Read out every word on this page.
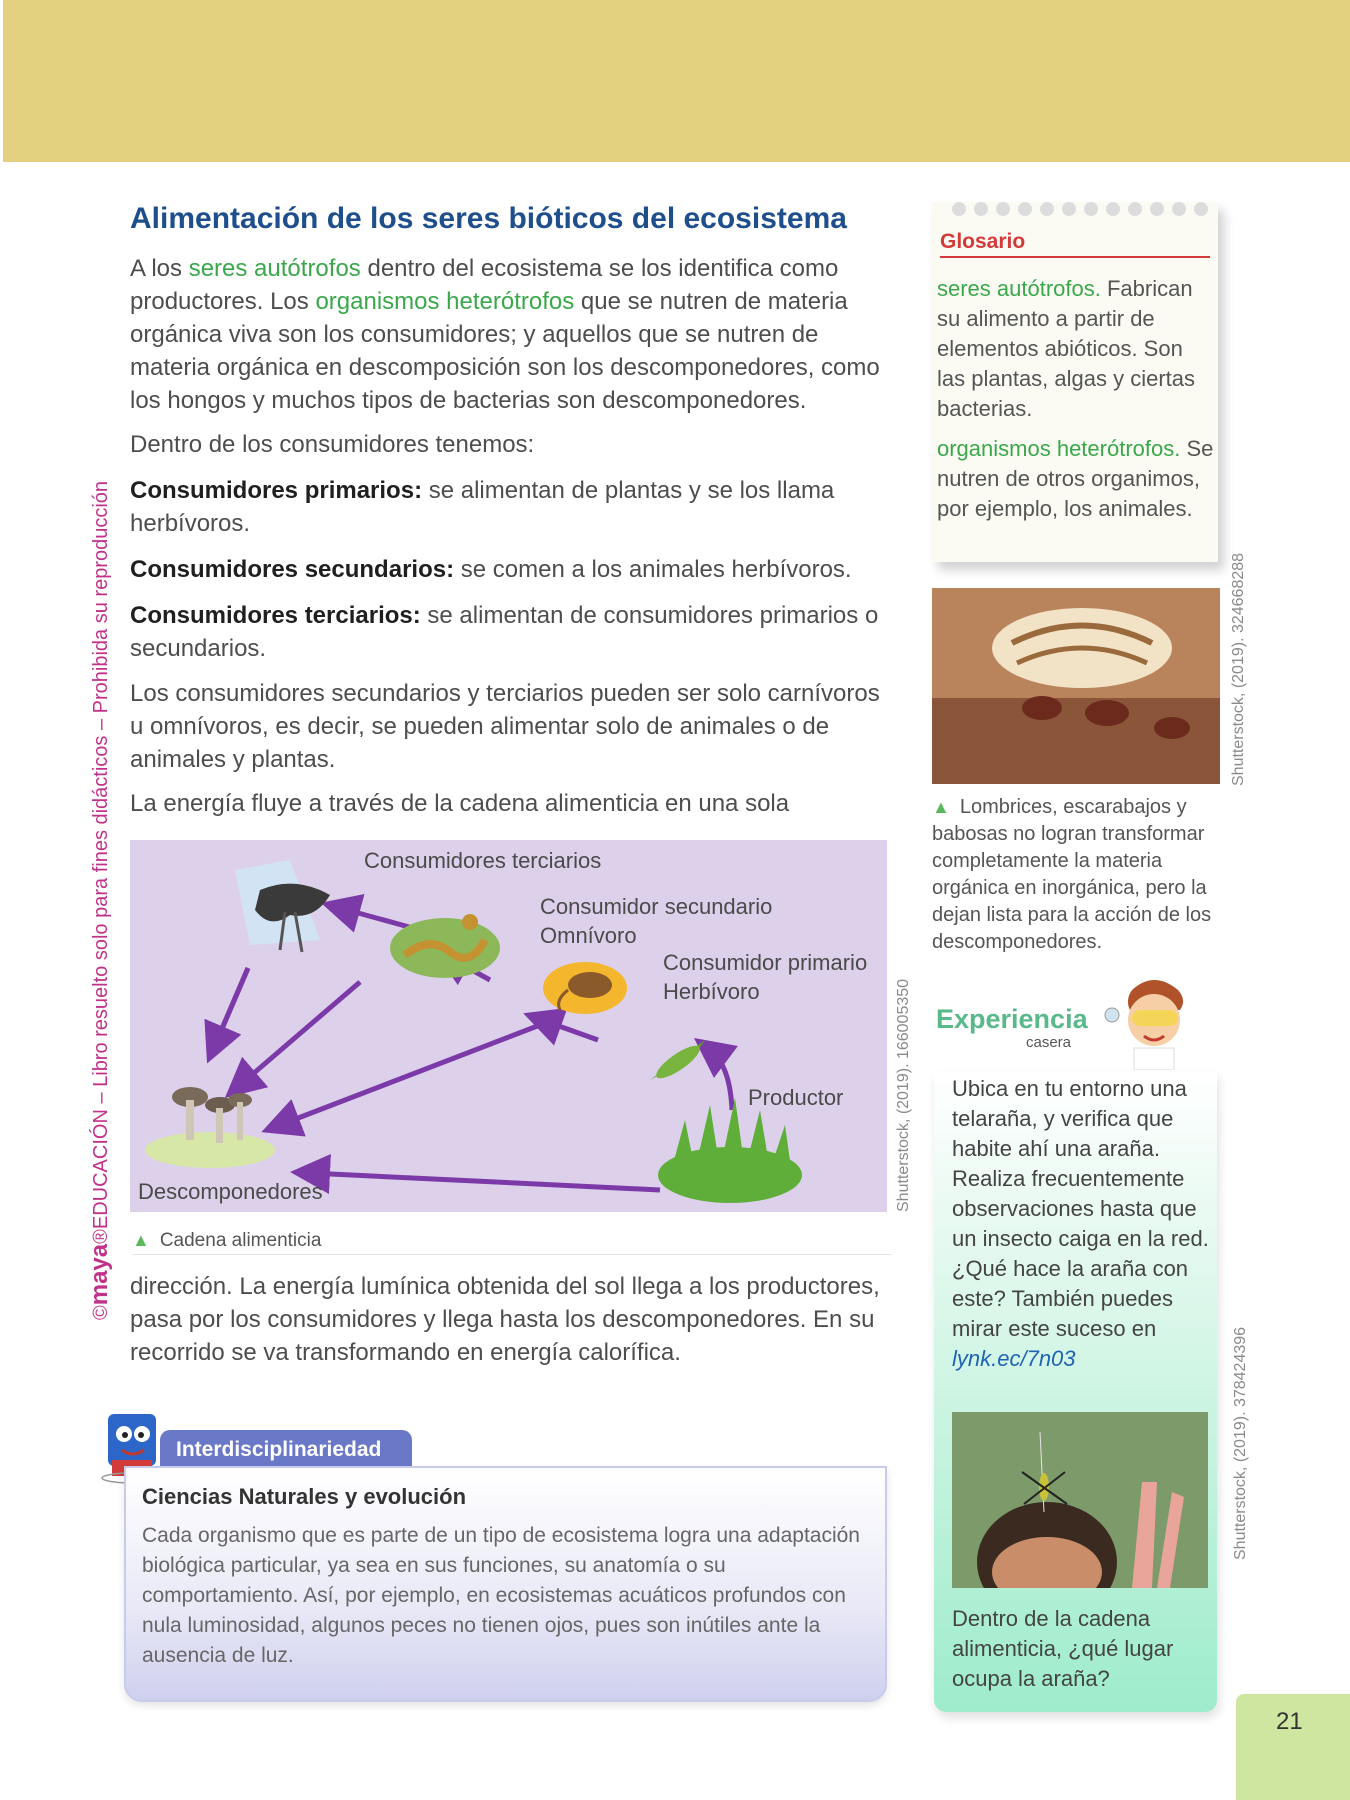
©maya®EDUCACIÓN – Libro resuelto solo para fines didácticos – Prohibida su reproducción
Alimentación de los seres bióticos del ecosistema

A los seres autótrofos dentro del ecosistema se los identifica como productores. Los organismos heterótrofos que se nutren de materia orgánica viva son los consumidores; y aquellos que se nutren de materia orgánica en descomposición son los descomponedores, como los hongos y muchos tipos de bacterias son descomponedores.

Dentro de los consumidores tenemos:

Consumidores primarios: se alimentan de plantas y se los llama herbívoros.

Consumidores secundarios: se comen a los animales herbívoros.

Consumidores terciarios: se alimentan de consumidores primarios o secundarios.

Los consumidores secundarios y terciarios pueden ser solo carnívoros u omnívoros, es decir, se pueden alimentar solo de animales o de animales y plantas.

La energía fluye a través de la cadena alimenticia en una sola

Consumidores terciarios
Consumidor secundario
Omnívoro
Consumidor primario
Herbívoro
Productor
Descomponedores	Shutterstock, (2019). 166005350
▲ Cadena alimenticia

dirección. La energía lumínica obtenida del sol llega a los productores, pasa por los consumidores y llega hasta los descomponedores. En su recorrido se va transformando en energía calorífica.

Glosario

seres autótrofos. Fabrican su alimento a partir de elementos abióticos. Son las plantas, algas y ciertas bacterias.

organismos heterótrofos. Se nutren de otros organimos, por ejemplo, los animales.

Shutterstock, (2019). 324668288
▲ Lombrices, escarabajos y babosas no logran transformar completamente la materia orgánica en inorgánica, pero la dejan lista para la acción de los descomponedores.
Experiencia
casera
Ubica en tu entorno una telaraña, y verifica que habite ahí una araña. Realiza frecuentemente observaciones hasta que un insecto caiga en la red. ¿Qué hace la araña con este? También puedes mirar este suceso en lynk.ec/7n03	Shutterstock, (2019). 378424396
Dentro de la cadena alimenticia, ¿qué lugar ocupa la araña?
Interdisciplinariedad
Ciencias Naturales y evolución
Cada organismo que es parte de un tipo de ecosistema logra una adaptación biológica particular, ya sea en sus funciones, su anatomía o su comportamiento. Así, por ejemplo, en ecosistemas acuáticos profundos con nula luminosidad, algunos peces no tienen ojos, pues son inútiles ante la ausencia de luz.
21
